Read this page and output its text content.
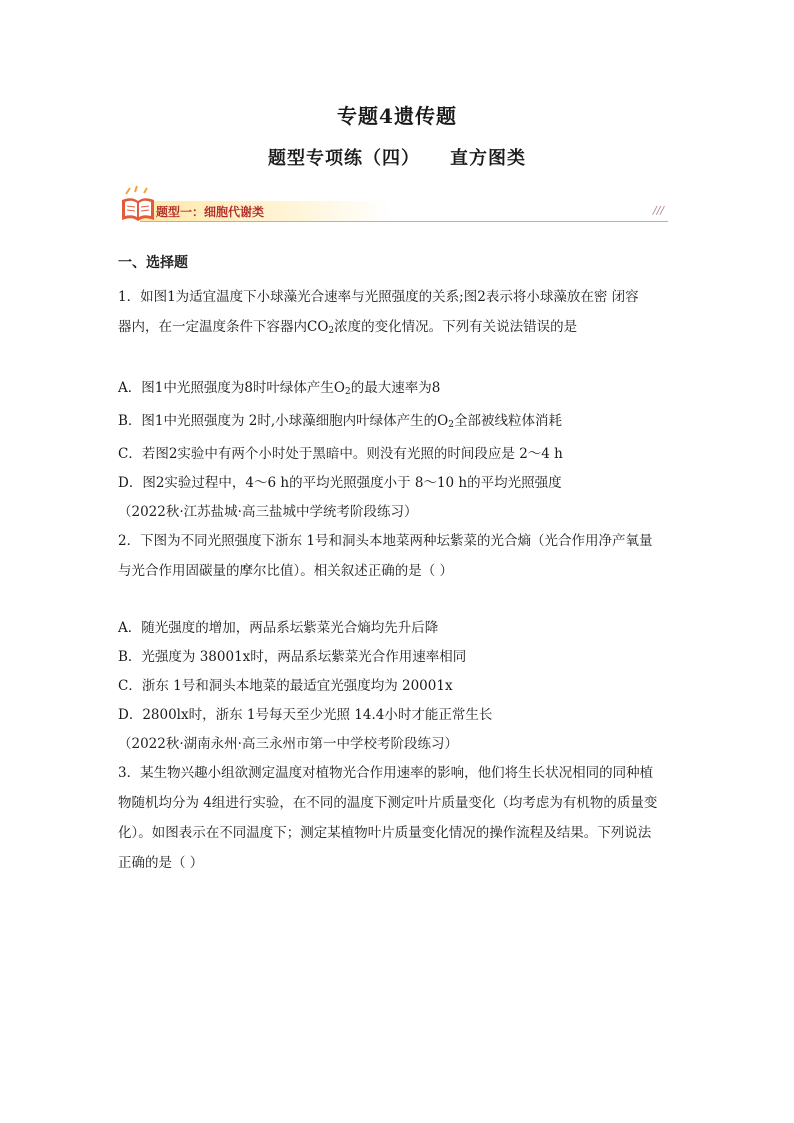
专题4遗传题
题型专项练（四） 直方图类
题型一：细胞代谢类	///

一、选择题

1．如图1为适宜温度下小球藻光合速率与光照强度的关系;图2表示将小球藻放在密 闭容

器内，在一定温度条件下容器内$CO_2$浓度的变化情况。下列有关说法错误的是

A．图1中光照强度为8时叶绿体产生$O_2$的最大速率为8

B．图1中光照强度为 2时,小球藻细胞内叶绿体产生的$O_2$全部被线粒体消耗

C．若图2实验中有两个小时处于黑暗中。则没有光照的时间段应是 2～4 h

D．图2实验过程中，4～6 h的平均光照强度小于 8～10 h的平均光照强度

（2022秋·江苏盐城·高三盐城中学统考阶段练习）

2．下图为不同光照强度下浙东 1号和洞头本地菜两种坛紫菜的光合熵（光合作用净产氧量

与光合作用固碳量的摩尔比值）。相关叙述正确的是（ ）

A．随光强度的增加，两品系坛紫菜光合熵均先升后降

B．光强度为 38001x时，两品系坛紫菜光合作用速率相同

C．浙东 1号和洞头本地菜的最适宜光强度均为 20001x

D．2800lx时，浙东 1号每天至少光照 14.4小时才能正常生长

（2022秋·湖南永州·高三永州市第一中学校考阶段练习）

3．某生物兴趣小组欲测定温度对植物光合作用速率的影响，他们将生长状况相同的同种植

物随机均分为 4组进行实验，在不同的温度下测定叶片质量变化（均考虑为有机物的质量变

化）。如图表示在不同温度下；测定某植物叶片质量变化情况的操作流程及结果。下列说法

正确的是（ ）
